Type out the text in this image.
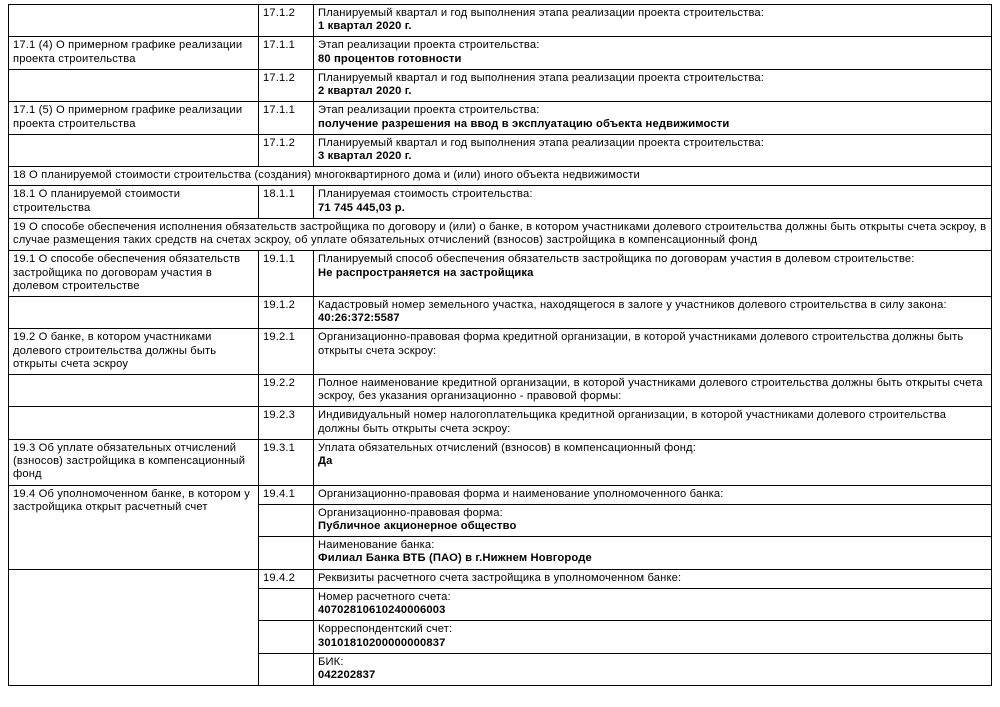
	17.1.2	Планируемый квартал и год выполнения этапа реализации проекта строительства:
1 квартал 2020 г.

17.1 (4) О примерном графике реализации проекта строительства	17.1.1	Этап реализации проекта строительства:
80 процентов готовности

	17.1.2	Планируемый квартал и год выполнения этапа реализации проекта строительства:
2 квартал 2020 г.

17.1 (5) О примерном графике реализации проекта строительства	17.1.1	Этап реализации проекта строительства:
получение разрешения на ввод в эксплуатацию объекта недвижимости

	17.1.2	Планируемый квартал и год выполнения этапа реализации проекта строительства:
3 квартал 2020 г.

18 О планируемой стоимости строительства (создания) многоквартирного дома и (или) иного объекта недвижимости		
18.1 О планируемой стоимости строительства	18.1.1	Планируемая стоимость строительства:
71 745 445,03 р.

19 О способе обеспечения исполнения обязательств застройщика по договору и (или) о банке, в котором участниками долевого строительства должны быть открыты счета эскроу, в случае размещения таких средств на счетах эскроу, об уплате обязательных отчислений (взносов) застройщика в компенсационный фонд		
19.1 О способе обеспечения обязательств застройщика по договорам участия в долевом строительстве	19.1.1	Планируемый способ обеспечения обязательств застройщика по договорам участия в долевом строительстве:
Не распространяется на застройщика

	19.1.2	Кадастровый номер земельного участка, находящегося в залоге у участников долевого строительства в силу закона:
40:26:372:5587

19.2 О банке, в котором участниками долевого строительства должны быть открыты счета эскроу	19.2.1	Организационно-правовая форма кредитной организации, в которой участниками долевого строительства должны быть открыты счета эскроу:

	19.2.2	Полное наименование кредитной организации, в которой участниками долевого строительства должны быть открыты счета эскроу, без указания организационно - правовой формы:

	19.2.3	Индивидуальный номер налогоплательщика кредитной организации, в которой участниками долевого строительства должны быть открыты счета эскроу:

19.3 Об уплате обязательных отчислений (взносов) застройщика в компенсационный фонд	19.3.1	Уплата обязательных отчислений (взносов) в компенсационный фонд:
Да

19.4 Об уполномоченном банке, в котором у застройщика открыт расчетный счет	19.4.1	Организационно-правовая форма и наименование уполномоченного банка:

		Организационно-правовая форма:
Публичное акционерное общество

		Наименование банка:
Филиал Банка ВТБ (ПАО) в г.Нижнем Новгороде

	19.4.2	Реквизиты расчетного счета застройщика в уполномоченном банке:

		Номер расчетного счета:
40702810610240006003

		Корреспондентский счет:
30101810200000000837

		БИК:
042202837
